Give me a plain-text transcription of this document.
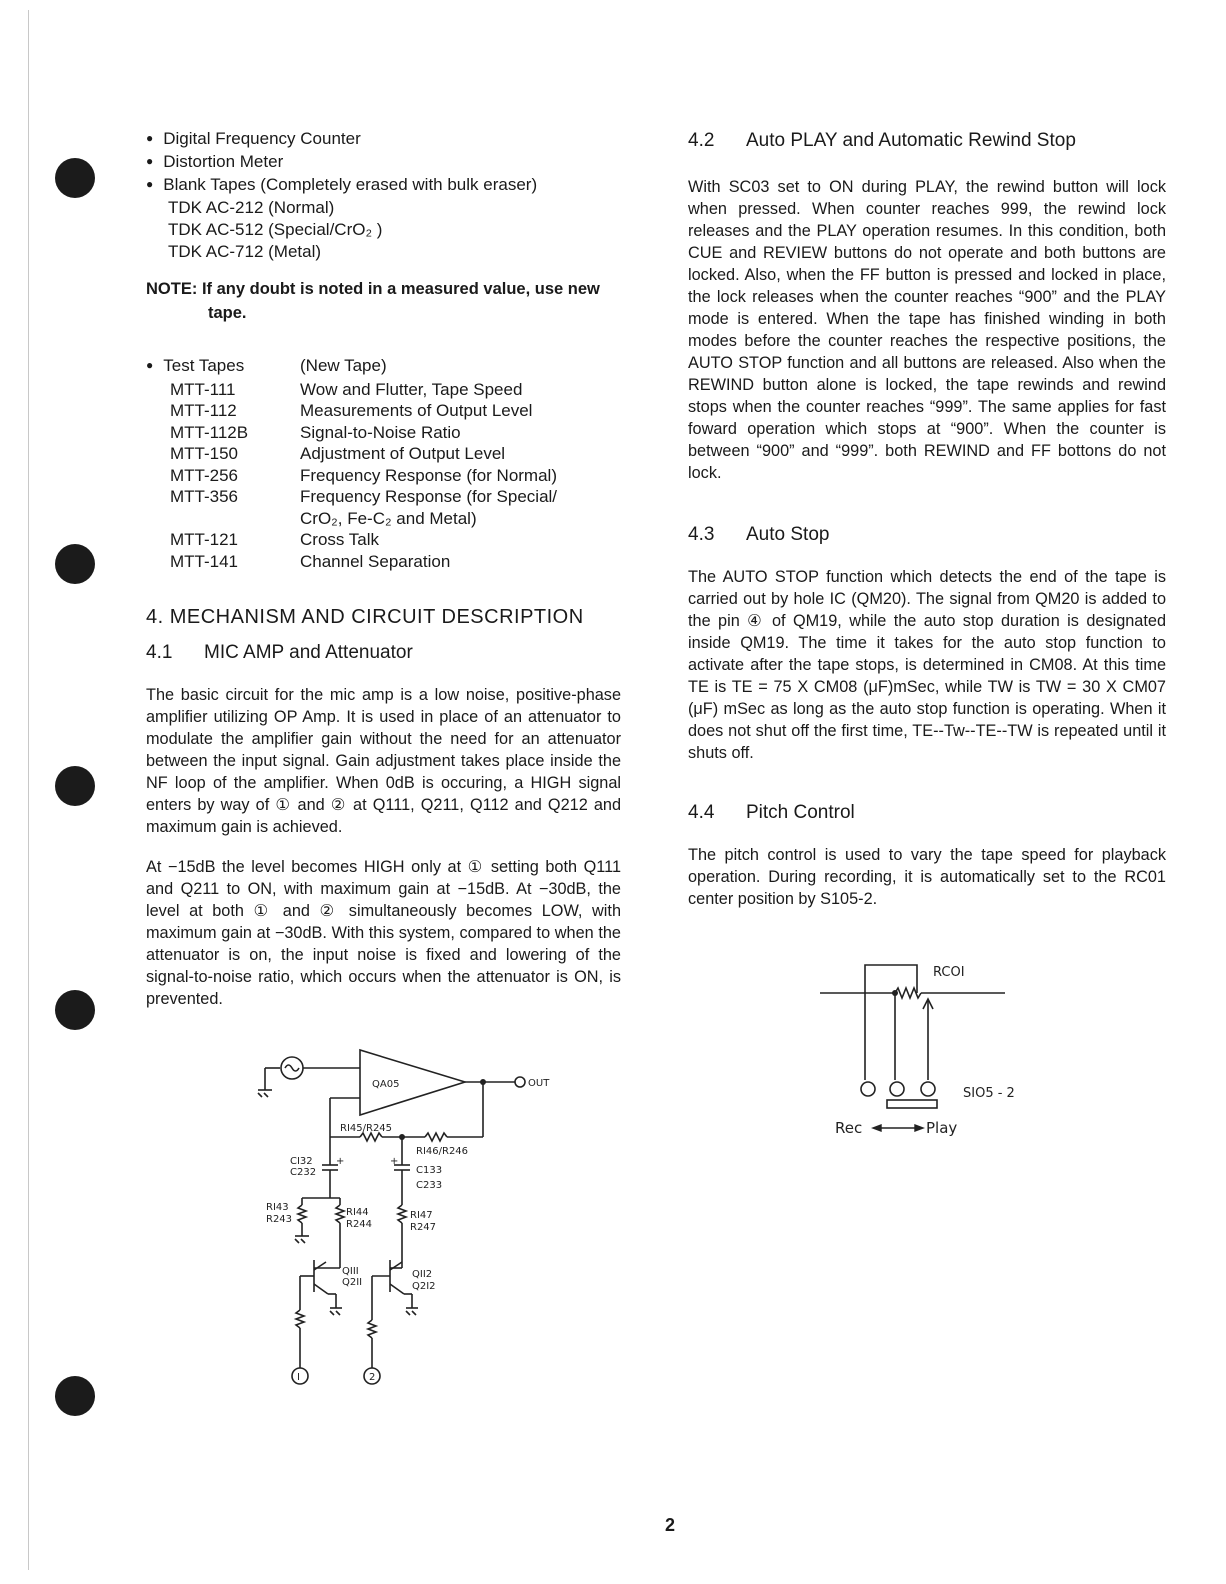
● Digital Frequency Counter
● Distortion Meter
● Blank Tapes (Completely erased with bulk eraser)
TDK AC-212 (Normal)
TDK AC-512 (Special/CrO₂ )
TDK AC-712 (Metal)
NOTE: If any doubt is noted in a measured value, use new
tape.
● Test Tapes	(New Tape)
MTT-111	Wow and Flutter, Tape Speed
MTT-112	Measurements of Output Level
MTT-112B	Signal-to-Noise Ratio
MTT-150	Adjustment of Output Level
MTT-256	Frequency Response (for Normal)
MTT-356	Frequency Response (for Special/
CrO₂, Fe-C₂ and Metal)
MTT-121	Cross Talk
MTT-141	Channel Separation
4. MECHANISM AND CIRCUIT DESCRIPTION
4.1	MIC AMP and Attenuator

The basic circuit for the mic amp is a low noise, positive-phase amplifier utilizing OP Amp. It is used in place of an attenuator to modulate the amplifier gain without the need for an attenuator between the input signal. Gain adjustment takes place inside the NF loop of the amplifier. When 0dB is occuring, a HIGH signal enters by way of ① and ② at Q111, Q211, Q112 and Q212 and maximum gain is achieved.

At −15dB the level becomes HIGH only at ① setting both Q111 and Q211 to ON, with maximum gain at −15dB. At −30dB, the level at both ① and ② simultaneously becomes LOW, with maximum gain at −30dB. With this system, compared to when the attenuator is on, the input noise is fixed and lowering of the signal-to-noise ratio, which occurs when the attenuator is ON, is prevented.

QA05	OUT
RI45/R245
RI46/R246
CI32
C232	C133
C233
+	+
RI43
R243
RI44
R244
RI47
R247
QIII
Q2II
QII2
Q2I2
I	2
4.2	Auto PLAY and Automatic Rewind Stop

With SC03 set to ON during PLAY, the rewind button will lock when pressed. When counter reaches 999, the rewind lock releases and the PLAY operation resumes. In this condition, both CUE and REVIEW buttons do not operate and both buttons are locked. Also, when the FF button is pressed and locked in place, the lock releases when the counter reaches “900” and the PLAY mode is entered. When the tape has finished winding in both modes before the counter reaches the respective positions, the AUTO STOP function and all buttons are released. Also when the REWIND button alone is locked, the tape rewinds and rewind stops when the counter reaches “999”. The same applies for fast foward operation which stops at “900”. When the counter is between “900” and “999”. both REWIND and FF bottons do not lock.

4.3	Auto Stop

The AUTO STOP function which detects the end of the tape is carried out by hole IC (QM20). The signal from QM20 is added to the pin ④ of QM19, while the auto stop duration is designated inside QM19. The time it takes for the auto stop function to activate after the tape stops, is determined in CM08. At this time TE is TE = 75 X CM08 (μF)mSec, while TW is TW = 30 X CM07 (μF) mSec as long as the auto stop function is operating. When it does not shut off the first time, TE--Tw--TE--TW is repeated until it shuts off.

4.4	Pitch Control

The pitch control is used to vary the tape speed for playback operation. During recording, it is automatically set to the RC01 center position by S105-2.

RCOI
SIO5 - 2
Rec	Play
2
